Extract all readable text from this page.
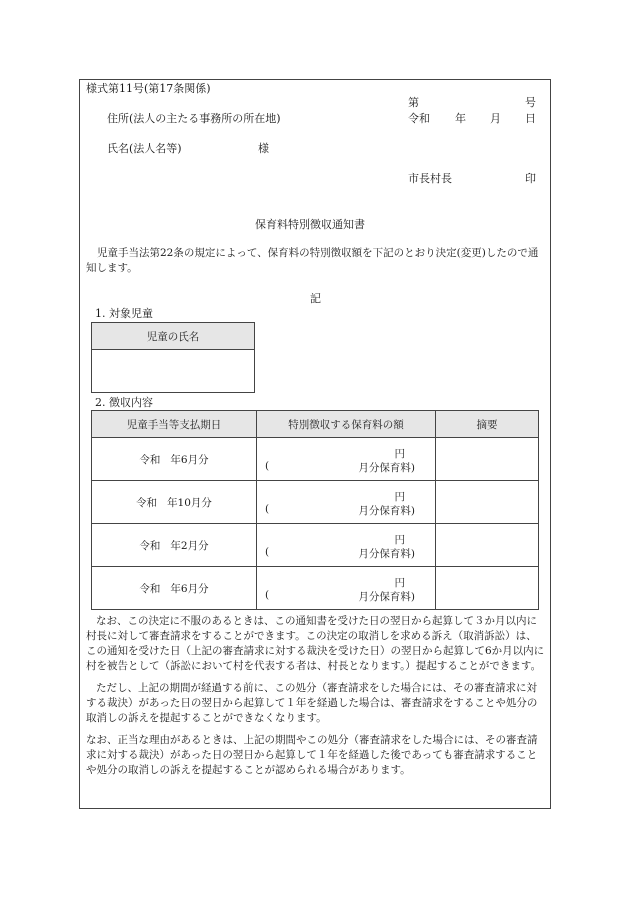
様式第11号(第17条関係)
第	号
住所(法人の主たる事務所の所在地)	令和 年 月 日
氏名(法人名等)	様
市長村長	印
保育料特別徴収通知書
児童手当法第22条の規定によって、保育料の特別徴収額を下記のとおり決定(変更)したので通知します。
記
1. 対象児童
児童の氏名

2. 徴収内容
児童手当等支払期日	特別徴収する保育料の額	摘要
令和 年6月分	円
( 月分保育料)	

令和 年10月分	円
( 月分保育料)	

令和 年2月分	円
( 月分保育料)	

令和 年6月分	円
( 月分保育料)	

なお、この決定に不服のあるときは、この通知書を受けた日の翌日から起算して３か月以内に村長に対して審査請求をすることができます。この決定の取消しを求める訴え（取消訴訟）は、この通知を受けた日（上記の審査請求に対する裁決を受けた日）の翌日から起算して6か月以内に村を被告として（訴訟において村を代表する者は、村長となります。）提起することができます。
ただし、上記の期間が経過する前に、この処分（審査請求をした場合には、その審査請求に対する裁決）があった日の翌日から起算して１年を経過した場合は、審査請求をすることや処分の取消しの訴えを提起することができなくなります。
なお、正当な理由があるときは、上記の期間やこの処分（審査請求をした場合には、その審査請求に対する裁決）があった日の翌日から起算して１年を経過した後であっても審査請求することや処分の取消しの訴えを提起することが認められる場合があります。
